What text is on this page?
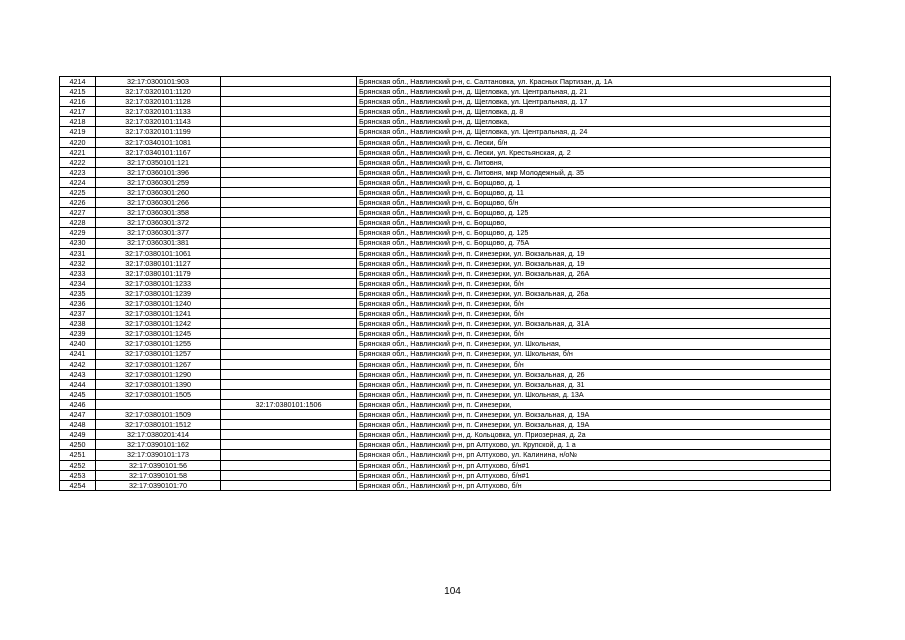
4214	32:17:0300101:903		Брянская обл., Навлинский р-н, с. Салтановка, ул. Красных Партизан, д. 1А
4215	32:17:0320101:1120		Брянская обл., Навлинский р-н, д. Щегловка, ул. Центральная, д. 21
4216	32:17:0320101:1128		Брянская обл., Навлинский р-н, д. Щегловка, ул. Центральная, д. 17
4217	32:17:0320101:1133		Брянская обл., Навлинский р-н, д. Щегловка, д. 8
4218	32:17:0320101:1143		Брянская обл., Навлинский р-н, д. Щегловка,
4219	32:17:0320101:1199		Брянская обл., Навлинский р-н, д. Щегловка, ул. Центральная, д. 24
4220	32:17:0340101:1081		Брянская обл., Навлинский р-н, с. Лески, б/н
4221	32:17:0340101:1167		Брянская обл., Навлинский р-н, с. Лески, ул. Крестьянская, д. 2
4222	32:17:0350101:121		Брянская обл., Навлинский р-н, с. Литовня,
4223	32:17:0360101:396		Брянская обл., Навлинский р-н, с. Литовня, мкр Молодежный, д. 35
4224	32:17:0360301:259		Брянская обл., Навлинский р-н, с. Борщово, д. 1
4225	32:17:0360301:260		Брянская обл., Навлинский р-н, с. Борщово, д. 11
4226	32:17:0360301:266		Брянская обл., Навлинский р-н, с. Борщово, б/н
4227	32:17:0360301:358		Брянская обл., Навлинский р-н, с. Борщово, д. 125
4228	32:17:0360301:372		Брянская обл., Навлинский р-н, с. Борщово,
4229	32:17:0360301:377		Брянская обл., Навлинский р-н, с. Борщово, д. 125
4230	32:17:0360301:381		Брянская обл., Навлинский р-н, с. Борщово, д. 75А
4231	32:17:0380101:1061		Брянская обл., Навлинский р-н, п. Синезерки, ул. Вокзальная, д. 19
4232	32:17:0380101:1127		Брянская обл., Навлинский р-н, п. Синезерки, ул. Вокзальная, д. 19
4233	32:17:0380101:1179		Брянская обл., Навлинский р-н, п. Синезерки, ул. Вокзальная, д. 26А
4234	32:17:0380101:1233		Брянская обл., Навлинский р-н, п. Синезерки, б/н
4235	32:17:0380101:1239		Брянская обл., Навлинский р-н, п. Синезерки, ул. Вокзальная, д. 26а
4236	32:17:0380101:1240		Брянская обл., Навлинский р-н, п. Синезерки, б/н
4237	32:17:0380101:1241		Брянская обл., Навлинский р-н, п. Синезерки, б/н
4238	32:17:0380101:1242		Брянская обл., Навлинский р-н, п. Синезерки, ул. Вокзальная, д. 31А
4239	32:17:0380101:1245		Брянская обл., Навлинский р-н, п. Синезерки, б/н
4240	32:17:0380101:1255		Брянская обл., Навлинский р-н, п. Синезерки, ул. Школьная,
4241	32:17:0380101:1257		Брянская обл., Навлинский р-н, п. Синезерки, ул. Школьная, б/н
4242	32:17:0380101:1267		Брянская обл., Навлинский р-н, п. Синезерки, б/н
4243	32:17:0380101:1290		Брянская обл., Навлинский р-н, п. Синезерки, ул. Вокзальная, д. 26
4244	32:17:0380101:1390		Брянская обл., Навлинский р-н, п. Синезерки, ул. Вокзальная, д. 31
4245	32:17:0380101:1505		Брянская обл., Навлинский р-н, п. Синезерки, ул. Школьная, д. 13А
4246		32:17:0380101:1506	Брянская обл., Навлинский р-н, п. Синезерки,
4247	32:17:0380101:1509		Брянская обл., Навлинский р-н, п. Синезерки, ул. Вокзальная, д. 19А
4248	32:17:0380101:1512		Брянская обл., Навлинский р-н, п. Синезерки, ул. Вокзальная, д. 19А
4249	32:17:0380201:414		Брянская обл., Навлинский р-н, д. Кольцовка, ул. Приозерная, д. 2а
4250	32:17:0390101:162		Брянская обл., Навлинский р-н, рп Алтухово, ул. Крупской, д. 1 а
4251	32:17:0390101:173		Брянская обл., Навлинский р-н, рп Алтухово, ул. Калинина, н/о№
4252	32:17:0390101:56		Брянская обл., Навлинский р-н, рп Алтухово, б/н#1
4253	32:17:0390101:58		Брянская обл., Навлинский р-н, рп Алтухово, б/н#1
4254	32:17:0390101:70		Брянская обл., Навлинский р-н, рп Алтухово, б/н
104
